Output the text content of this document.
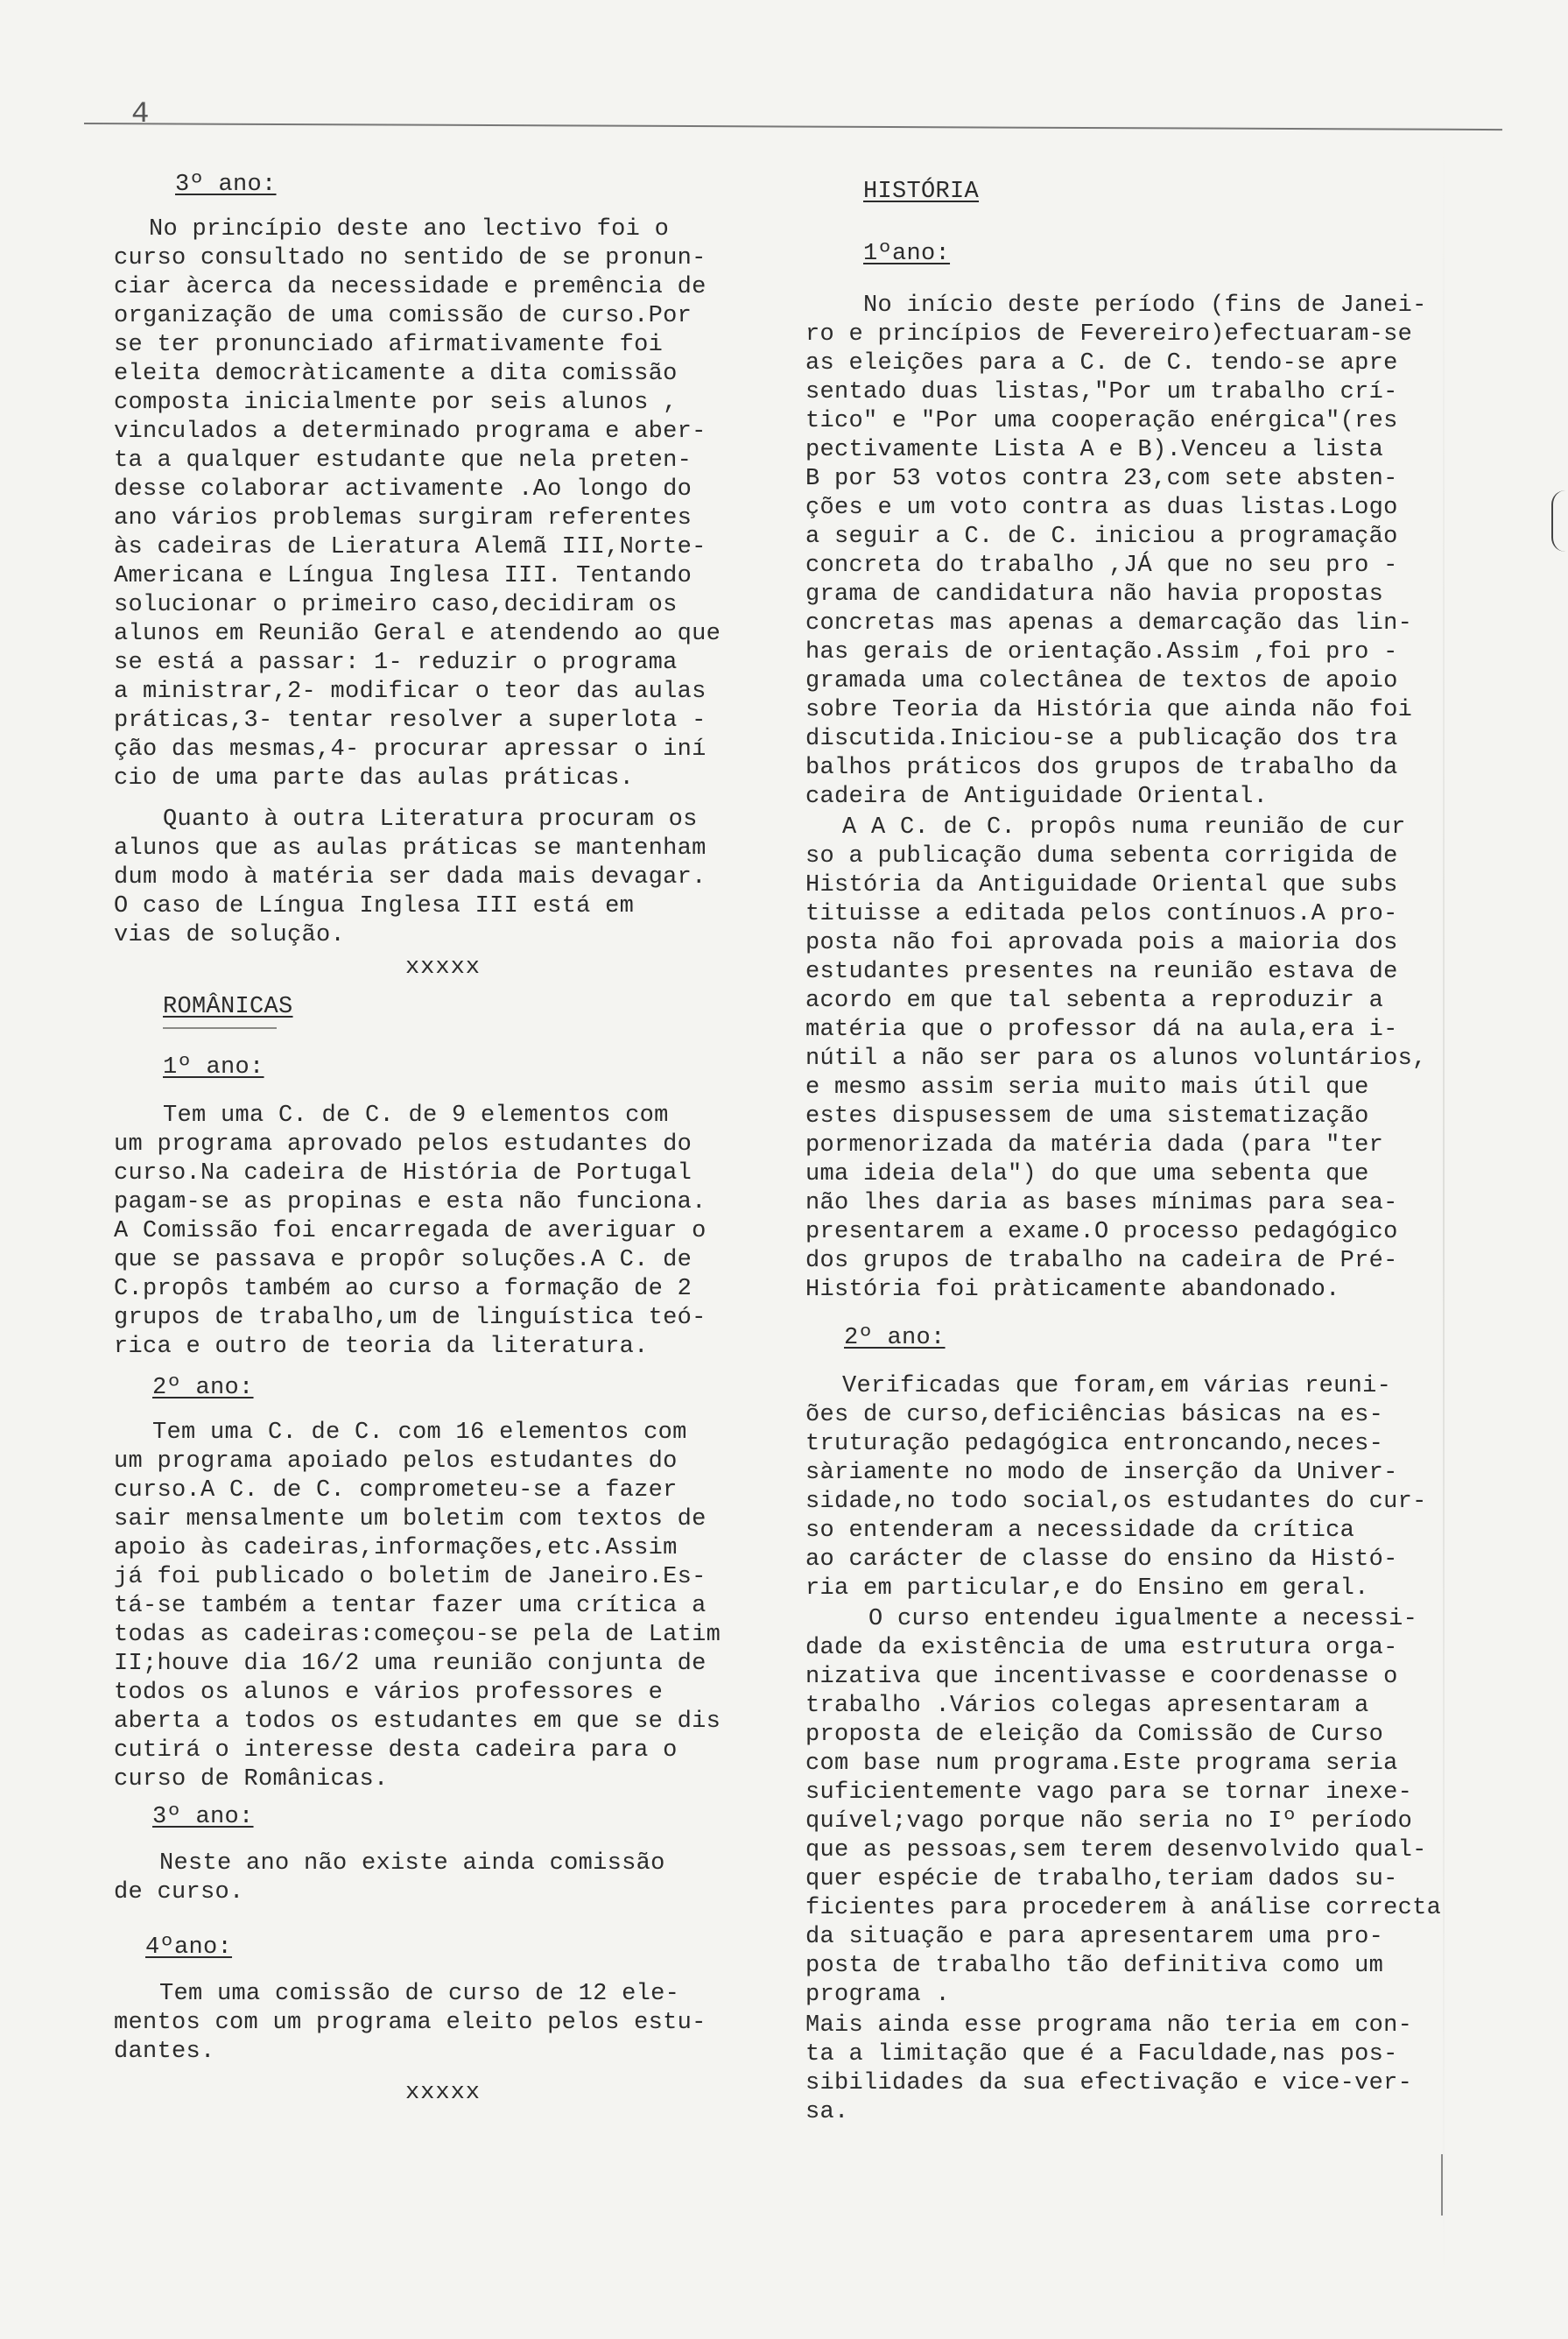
4

3º ano:

No princípio deste ano lectivo foi o
curso consultado no sentido de se pronun-
ciar àcerca da necessidade e premência de
organização de uma comissão de curso.Por
se ter pronunciado afirmativamente foi
eleita democràticamente a dita comissão
composta inicialmente por seis alunos ,
vinculados a determinado programa e aber-
ta a qualquer estudante que nela preten-
desse colaborar activamente .Ao longo do
ano vários problemas surgiram referentes
às cadeiras de Lieratura Alemã III,Norte-
Americana e Língua Inglesa III. Tentando
solucionar o primeiro caso,decidiram os
alunos em Reunião Geral e atendendo ao que
se está a passar: 1- reduzir o programa
a ministrar,2- modificar o teor das aulas
práticas,3- tentar resolver a superlota -
ção das mesmas,4- procurar apressar o iní
cio de uma parte das aulas práticas.
Quanto à outra Literatura procuram os
alunos que as aulas práticas se mantenham
dum modo à matéria ser dada mais devagar.
O caso de Língua Inglesa III está em
vias de solução.
xxxxx

ROMÂNICAS

1º ano:

Tem uma C. de C. de 9 elementos com
um programa aprovado pelos estudantes do
curso.Na cadeira de História de Portugal
pagam-se as propinas e esta não funciona.
A Comissão foi encarregada de averiguar o
que se passava e propôr soluções.A C. de
C.propôs também ao curso a formação de 2
grupos de trabalho,um de linguística teó-
rica e outro de teoria da literatura.

2º ano:

Tem uma C. de C. com 16 elementos com
um programa apoiado pelos estudantes do
curso.A C. de C. comprometeu-se a fazer
sair mensalmente um boletim com textos de
apoio às cadeiras,informações,etc.Assim
já foi publicado o boletim de Janeiro.Es-
tá-se também a tentar fazer uma crítica a
todas as cadeiras:começou-se pela de Latim
II;houve dia 16/2 uma reunião conjunta de
todos os alunos e vários professores e
aberta a todos os estudantes em que se dis
cutirá o interesse desta cadeira para o
curso de Românicas.

3º ano:

Neste ano não existe ainda comissão
de curso.

4ºano:

Tem uma comissão de curso de 12 ele-
mentos com um programa eleito pelos estu-
dantes.
xxxxx

HISTÓRIA

1ºano:

No início deste período (fins de Janei-
ro e princípios de Fevereiro)efectuaram-se
as eleições para a C. de C. tendo-se apre
sentado duas listas,"Por um trabalho crí-
tico" e "Por uma cooperação enérgica"(res
pectivamente Lista A e B).Venceu a lista
B por 53 votos contra 23,com sete absten-
ções e um voto contra as duas listas.Logo
a seguir a C. de C. iniciou a programação
concreta do trabalho ,JÁ que no seu pro -
grama de candidatura não havia propostas
concretas mas apenas a demarcação das lin-
has gerais de orientação.Assim ,foi pro -
gramada uma colectânea de textos de apoio
sobre Teoria da História que ainda não foi
discutida.Iniciou-se a publicação dos tra
balhos práticos dos grupos de trabalho da
cadeira de Antiguidade Oriental.
A A C. de C. propôs numa reunião de cur
so a publicação duma sebenta corrigida de
História da Antiguidade Oriental que subs
tituisse a editada pelos contínuos.A pro-
posta não foi aprovada pois a maioria dos
estudantes presentes na reunião estava de
acordo em que tal sebenta a reproduzir a
matéria que o professor dá na aula,era i-
nútil a não ser para os alunos voluntários,
e mesmo assim seria muito mais útil que
estes dispusessem de uma sistematização
pormenorizada da matéria dada (para "ter
uma ideia dela") do que uma sebenta que
não lhes daria as bases mínimas para sea-
presentarem a exame.O processo pedagógico
dos grupos de trabalho na cadeira de Pré-
História foi pràticamente abandonado.

2º ano:

Verificadas que foram,em várias reuni-
ões de curso,deficiências básicas na es-
truturação pedagógica entroncando,neces-
sàriamente no modo de inserção da Univer-
sidade,no todo social,os estudantes do cur-
so entenderam a necessidade da crítica
ao carácter de classe do ensino da Histó-
ria em particular,e do Ensino em geral.
O curso entendeu igualmente a necessi-
dade da existência de uma estrutura orga-
nizativa que incentivasse e coordenasse o
trabalho .Vários colegas apresentaram a
proposta de eleição da Comissão de Curso
com base num programa.Este programa seria
suficientemente vago para se tornar inexe-
quível;vago porque não seria no Iº período
que as pessoas,sem terem desenvolvido qual-
quer espécie de trabalho,teriam dados su-
ficientes para procederem à análise correcta
da situação e para apresentarem uma pro-
posta de trabalho tão definitiva como um
programa .
Mais ainda esse programa não teria em con-
ta a limitação que é a Faculdade,nas pos-
sibilidades da sua efectivação e vice-ver-
sa.
